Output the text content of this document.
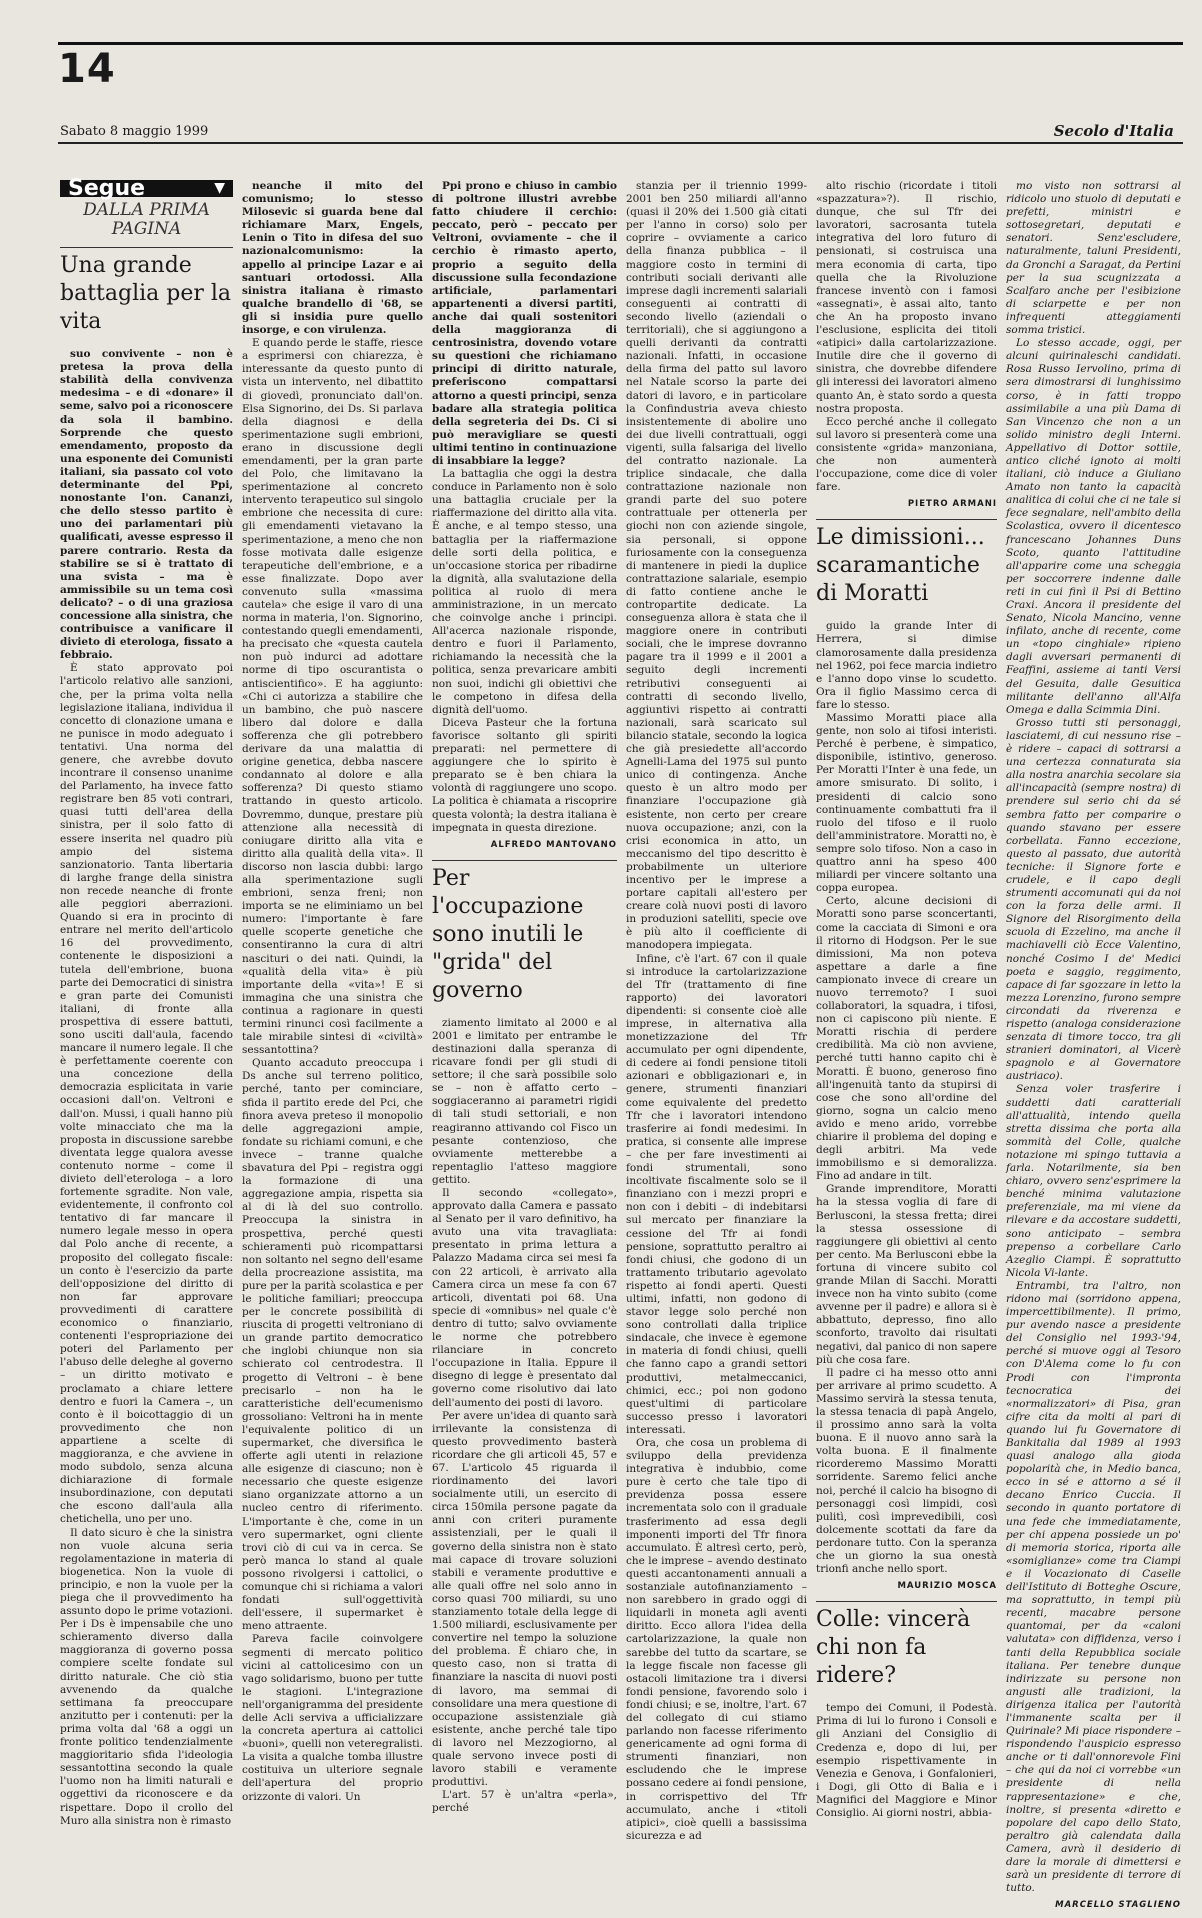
14
Sabato 8 maggio 1999	Secolo d'Italia
Segue	▼
DALLA PRIMA PAGINA
Una grande battaglia per la vita

suo convivente – non è pretesa la prova della stabilità della convivenza medesima – e di «donare» il seme, salvo poi a riconoscere da sola il bambino. Sorprende che questo emendamento, proposto da una esponente dei Comunisti italiani, sia passato col voto determinante del Ppi, nonostante l'on. Cananzi, che dello stesso partito è uno dei parlamentari più qualificati, avesse espresso il parere contrario. Resta da stabilire se si è trattato di una svista – ma è ammissibile su un tema così delicato? – o di una graziosa concessione alla sinistra, che contribuisce a vanificare il divieto di eterologa, fissato a febbraio.

È stato approvato poi l'articolo relativo alle sanzioni, che, per la prima volta nella legislazione italiana, individua il concetto di clonazione umana e ne punisce in modo adeguato i tentativi. Una norma del genere, che avrebbe dovuto incontrare il consenso unanime del Parlamento, ha invece fatto registrare ben 85 voti contrari, quasi tutti dell'area della sinistra, per il solo fatto di essere inserita nel quadro più ampio del sistema sanzionatorio. Tanta libertaria di larghe frange della sinistra non recede neanche di fronte alle peggiori aberrazioni. Quando si era in procinto di entrare nel merito dell'articolo 16 del provvedimento, contenente le disposizioni a tutela dell'embrione, buona parte dei Democratici di sinistra e gran parte dei Comunisti italiani, di fronte alla prospettiva di essere battuti, sono usciti dall'aula, facendo mancare il numero legale. Il che è perfettamente coerente con una concezione della democrazia esplicitata in varie occasioni dall'on. Veltroni e dall'on. Mussi, i quali hanno più volte minacciato che ma la proposta in discussione sarebbe diventata legge qualora avesse contenuto norme – come il divieto dell'eterologa – a loro fortemente sgradite. Non vale, evidentemente, il confronto col tentativo di far mancare il numero legale messo in opera dal Polo anche di recente, a proposito del collegato fiscale: un conto è l'esercizio da parte dell'opposizione del diritto di non far approvare provvedimenti di carattere economico o finanziario, contenenti l'espropriazione dei poteri del Parlamento per l'abuso delle deleghe al governo – un diritto motivato e proclamato a chiare lettere dentro e fuori la Camera –, un conto è il boicottaggio di un provvedimento che non appartiene a scelte di maggioranza, e che avviene in modo subdolo, senza alcuna dichiarazione di formale insubordinazione, con deputati che escono dall'aula alla chetichella, uno per uno.

Il dato sicuro è che la sinistra non vuole alcuna seria regolamentazione in materia di biogenetica. Non la vuole di principio, e non la vuole per la piega che il provvedimento ha assunto dopo le prime votazioni. Per i Ds è impensabile che uno schieramento diverso dalla maggioranza di governo possa compiere scelte fondate sul diritto naturale. Che ciò stia avvenendo da qualche settimana fa preoccupare anzitutto per i contenuti: per la prima volta dal '68 a oggi un fronte politico tendenzialmente maggioritario sfida l'ideologia sessantottina secondo la quale l'uomo non ha limiti naturali e oggettivi da riconoscere e da rispettare. Dopo il crollo del Muro alla sinistra non è rimasto

neanche il mito del comunismo; lo stesso Milosevic si guarda bene dal richiamare Marx, Engels, Lenin o Tito in difesa del suo nazionalcomunismo: la appello al principe Lazar e ai santuari ortodossi. Alla sinistra italiana è rimasto qualche brandello di '68, se gli si insidia pure quello insorge, e con virulenza.

E quando perde le staffe, riesce a esprimersi con chiarezza, è interessante da questo punto di vista un intervento, nel dibattito di giovedì, pronunciato dall'on. Elsa Signorino, dei Ds. Si parlava della diagnosi e della sperimentazione sugli embrioni, erano in discussione degli emendamenti, per la gran parte del Polo, che limitavano la sperimentazione al concreto intervento terapeutico sul singolo embrione che necessita di cure: gli emendamenti vietavano la sperimentazione, a meno che non fosse motivata dalle esigenze terapeutiche dell'embrione, e a esse finalizzate. Dopo aver convenuto sulla «massima cautela» che esige il varo di una norma in materia, l'on. Signorino, contestando quegli emendamenti, ha precisato che «questa cautela non può indurci ad adottare norme di tipo oscurantista o antiscientifico». E ha aggiunto: «Chi ci autorizza a stabilire che un bambino, che può nascere libero dal dolore e dalla sofferenza che gli potrebbero derivare da una malattia di origine genetica, debba nascere condannato al dolore e alla sofferenza? Di questo stiamo trattando in questo articolo. Dovremmo, dunque, prestare più attenzione alla necessità di coniugare diritto alla vita e diritto alla qualità della vita». Il discorso non lascia dubbi: largo alla sperimentazione sugli embrioni, senza freni; non importa se ne eliminiamo un bel numero: l'importante è fare quelle scoperte genetiche che consentiranno la cura di altri nascituri o dei nati. Quindi, la «qualità della vita» è più importante della «vita»! E si immagina che una sinistra che continua a ragionare in questi termini rinunci così facilmente a tale mirabile sintesi di «civiltà» sessantottina?

Quanto accaduto preoccupa i Ds anche sul terreno politico, perché, tanto per cominciare, sfida il partito erede del Pci, che finora aveva preteso il monopolio delle aggregazioni ampie, fondate su richiami comuni, e che invece – tranne qualche sbavatura del Ppi – registra oggi la formazione di una aggregazione ampia, rispetta sia al di là del suo controllo. Preoccupa la sinistra in prospettiva, perché questi schieramenti può ricompattarsi non soltanto nel segno dell'esame della procreazione assistita, ma pure per la parità scolastica e per le politiche familiari; preoccupa per le concrete possibilità di riuscita di progetti veltroniano di un grande partito democratico che inglobi chiunque non sia schierato col centrodestra. Il progetto di Veltroni – è bene precisarlo – non ha le caratteristiche dell'ecumenismo grossoliano: Veltroni ha in mente l'equivalente politico di un supermarket, che diversifica le offerte agli utenti in relazione alle esigenze di ciascuno; non è necessario che queste esigenze siano organizzate attorno a un nucleo centro di riferimento. L'importante è che, come in un vero supermarket, ogni cliente trovi ciò di cui va in cerca. Se però manca lo stand al quale possono rivolgersi i cattolici, o comunque chi si richiama a valori fondati sull'oggettività dell'essere, il supermarket è meno attraente.

Pareva facile coinvolgere segmenti di mercato politico vicini al cattolicesimo con un vago solidarismo, buono per tutte le stagioni. L'integrazione nell'organigramma del presidente delle Acli serviva a ufficializzare la concreta apertura ai cattolici «buoni», quelli non veteregralisti. La visita a qualche tomba illustre costituiva un ulteriore segnale dell'apertura del proprio orizzonte di valori. Un

Ppi prono e chiuso in cambio di poltrone illustri avrebbe fatto chiudere il cerchio: peccato, però – peccato per Veltroni, ovviamente – che il cerchio è rimasto aperto, proprio a seguito della discussione sulla fecondazione artificiale, parlamentari appartenenti a diversi partiti, anche dai quali sostenitori della maggioranza di centrosinistra, dovendo votare su questioni che richiamano principi di diritto naturale, preferiscono compattarsi attorno a questi principi, senza badare alla strategia politica della segreteria dei Ds. Ci si può meravigliare se questi ultimi tentino in continuazione di insabbiare la legge?

La battaglia che oggi la destra conduce in Parlamento non è solo una battaglia cruciale per la riaffermazione del diritto alla vita. È anche, e al tempo stesso, una battaglia per la riaffermazione delle sorti della politica, e un'occasione storica per ribadirne la dignità, alla svalutazione della politica al ruolo di mera amministrazione, in un mercato che coinvolge anche i principi. All'acerca nazionale risponde, dentro e fuori il Parlamento, richiamando la necessità che la politica, senza prevaricare ambiti non suoi, indichi gli obiettivi che le competono in difesa della dignità dell'uomo.

Diceva Pasteur che la fortuna favorisce soltanto gli spiriti preparati: nel permettere di aggiungere che lo spirito è preparato se è ben chiara la volontà di raggiungere uno scopo. La politica è chiamata a riscoprire questa volontà; la destra italiana è impegnata in questa direzione.

ALFREDO MANTOVANO
Per l'occupazione sono inutili le "grida" del governo

ziamento limitato al 2000 e al 2001 e limitato per entrambe le destinazioni dalla speranza di ricavare fondi per gli studi di settore; il che sarà possibile solo se – non è affatto certo – soggiaceranno ai parametri rigidi di tali studi settoriali, e non reagiranno attivando col Fisco un pesante contenzioso, che ovviamente metterebbe a repentaglio l'atteso maggiore gettito.

Il secondo «collegato», approvato dalla Camera e passato al Senato per il varo definitivo, ha avuto una vita travagliata: presentato in prima lettura a Palazzo Madama circa sei mesi fa con 22 articoli, è arrivato alla Camera circa un mese fa con 67 articoli, diventati poi 68. Una specie di «omnibus» nel quale c'è dentro di tutto; salvo ovviamente le norme che potrebbero rilanciare in concreto l'occupazione in Italia. Eppure il disegno di legge è presentato dal governo come risolutivo dai lato dell'aumento dei posti di lavoro.

Per avere un'idea di quanto sarà irrilevante la consistenza di questo provvedimento basterà ricordare che gli articoli 45, 57 e 67. L'articolo 45 riguarda il riordinamento dei lavori socialmente utili, un esercito di circa 150mila persone pagate da anni con criteri puramente assistenziali, per le quali il governo della sinistra non è stato mai capace di trovare soluzioni stabili e veramente produttive e alle quali offre nel solo anno in corso quasi 700 miliardi, su uno stanziamento totale della legge di 1.500 miliardi, esclusivamente per convertire nel tempo la soluzione del problema. È chiaro che, in questo caso, non si tratta di finanziare la nascita di nuovi posti di lavoro, ma semmai di consolidare una mera questione di occupazione assistenziale già esistente, anche perché tale tipo di lavoro nel Mezzogiorno, al quale servono invece posti di lavoro stabili e veramente produttivi.

L'art. 57 è un'altra «perla», perché

stanzia per il triennio 1999-2001 ben 250 miliardi all'anno (quasi il 20% dei 1.500 già citati per l'anno in corso) solo per coprire – ovviamente a carico della finanza pubblica – il maggiore costo in termini di contributi sociali derivanti alle imprese dagli incrementi salariali conseguenti ai contratti di secondo livello (aziendali o territoriali), che si aggiungono a quelli derivanti da contratti nazionali. Infatti, in occasione della firma del patto sul lavoro nel Natale scorso la parte dei datori di lavoro, e in particolare la Confindustria aveva chiesto insistentemente di abolire uno dei due livelli contrattuali, oggi vigenti, sulla falsariga del livello del contratto nazionale. La triplice sindacale, che dalla contrattazione nazionale non grandi parte del suo potere contrattuale per ottenerla per giochi non con aziende singole, sia personali, si oppone furiosamente con la conseguenza di mantenere in piedi la duplice contrattazione salariale, esempio di fatto contiene anche le contropartite dedicate. La conseguenza allora è stata che il maggiore onere in contributi sociali, che le imprese dovranno pagare tra il 1999 e il 2001 a seguito degli incrementi retributivi conseguenti ai contratti di secondo livello, aggiuntivi rispetto ai contratti nazionali, sarà scaricato sul bilancio statale, secondo la logica che già presiedette all'accordo Agnelli-Lama del 1975 sul punto unico di contingenza. Anche questo è un altro modo per finanziare l'occupazione già esistente, non certo per creare nuova occupazione; anzi, con la crisi economica in atto, un meccanismo del tipo descritto è probabilmente un ulteriore incentivo per le imprese a portare capitali all'estero per creare colà nuovi posti di lavoro in produzioni satelliti, specie ove è più alto il coefficiente di manodopera impiegata.

Infine, c'è l'art. 67 con il quale si introduce la cartolarizzazione del Tfr (trattamento di fine rapporto) dei lavoratori dipendenti: si consente cioè alle imprese, in alternativa alla monetizzazione del Tfr accumulato per ogni dipendente, di cedere ai fondi pensione titoli azionari e obbligazionari e, in genere, strumenti finanziari come equivalente del predetto Tfr che i lavoratori intendono trasferire ai fondi medesimi. In pratica, si consente alle imprese – che per fare investimenti ai fondi strumentali, sono incoltivate fiscalmente solo se il finanziano con i mezzi propri e non con i debiti – di indebitarsi sul mercato per finanziare la cessione del Tfr ai fondi pensione, soprattutto peraltro ai fondi chiusi, che godono di un trattamento tributario agevolato rispetto ai fondi aperti. Questi ultimi, infatti, non godono di stavor legge solo perché non sono controllati dalla triplice sindacale, che invece è egemone in materia di fondi chiusi, quelli che fanno capo a grandi settori produttivi, metalmeccanici, chimici, ecc.; poi non godono quest'ultimi di particolare successo presso i lavoratori interessati.

Ora, che cosa un problema di sviluppo della previdenza integrativa è indubbio, come pure è certo che tale tipo di previdenza possa essere incrementata solo con il graduale trasferimento ad essa degli imponenti importi del Tfr finora accumulato. È altresì certo, però, che le imprese – avendo destinato questi accantonamenti annuali a sostanziale autofinanziamento – non sarebbero in grado oggi di liquidarli in moneta agli aventi diritto. Ecco allora l'idea della cartolarizzazione, la quale non sarebbe del tutto da scartare, se la legge fiscale non facesse gli ostacoli limitazione tra i diversi fondi pensione, favorendo solo i fondi chiusi; e se, inoltre, l'art. 67 del collegato di cui stiamo parlando non facesse riferimento genericamente ad ogni forma di strumenti finanziari, non escludendo che le imprese possano cedere ai fondi pensione, in corrispettivo del Tfr accumulato, anche i «titoli atipici», cioè quelli a bassissima sicurezza e ad

alto rischio (ricordate i titoli «spazzatura»?). Il rischio, dunque, che sul Tfr dei lavoratori, sacrosanta tutela integrativa del loro futuro di pensionati, si costruisca una mera economia di carta, tipo quella che la Rivoluzione francese inventò con i famosi «assegnati», è assai alto, tanto che An ha proposto invano l'esclusione, esplicita dei titoli «atipici» dalla cartolarizzazione. Inutile dire che il governo di sinistra, che dovrebbe difendere gli interessi dei lavoratori almeno quanto An, è stato sordo a questa nostra proposta.

Ecco perché anche il collegato sul lavoro si presenterà come una consistente «grida» manzoniana, che non aumenterà l'occupazione, come dice di voler fare.

PIETRO ARMANI
Le dimissioni... scaramantiche di Moratti

guido la grande Inter di Herrera, si dimise clamorosamente dalla presidenza nel 1962, poi fece marcia indietro e l'anno dopo vinse lo scudetto. Ora il figlio Massimo cerca di fare lo stesso.

Massimo Moratti piace alla gente, non solo ai tifosi interisti. Perché è perbene, è simpatico, disponibile, istintivo, generoso. Per Moratti l'Inter è una fede, un amore smisurato. Di solito, i presidenti di calcio sono continuamente combattuti fra il ruolo del tifoso e il ruolo dell'amministratore. Moratti no, è sempre solo tifoso. Non a caso in quattro anni ha speso 400 miliardi per vincere soltanto una coppa europea.

Certo, alcune decisioni di Moratti sono parse sconcertanti, come la cacciata di Simoni e ora il ritorno di Hodgson. Per le sue dimissioni, Ma non poteva aspettare a darle a fine campionato invece di creare un nuovo terremoto? I suoi collaboratori, la squadra, i tifosi, non ci capiscono più niente. E Moratti rischia di perdere credibilità. Ma ciò non avviene, perché tutti hanno capito chi è Moratti. È buono, generoso fino all'ingenuità tanto da stupirsi di cose che sono all'ordine del giorno, sogna un calcio meno avido e meno arido, vorrebbe chiarire il problema del doping e degli arbitri. Ma vede immobilismo e si demoralizza. Fino ad andare in tilt.

Grande imprenditore, Moratti ha la stessa voglia di fare di Berlusconi, la stessa fretta; direi la stessa ossessione di raggiungere gli obiettivi al cento per cento. Ma Berlusconi ebbe la fortuna di vincere subito col grande Milan di Sacchi. Moratti invece non ha vinto subito (come avvenne per il padre) e allora si è abbattuto, depresso, fino allo sconforto, travolto dai risultati negativi, dal panico di non sapere più che cosa fare.

Il padre ci ha messo otto anni per arrivare al primo scudetto. A Massimo servirà la stessa tenuta, la stessa tenacia di papà Angelo, il prossimo anno sarà la volta buona. E il nuovo anno sarà la volta buona. E il finalmente ricorderemo Massimo Moratti sorridente. Saremo felici anche noi, perché il calcio ha bisogno di personaggi così limpidi, così pulitì, così imprevedibili, così dolcemente scottati da fare da perdonare tutto. Con la speranza che un giorno la sua onestà trionfi anche nello sport.

MAURIZIO MOSCA
Colle: vincerà chi non fa ridere?

tempo dei Comuni, il Podestà. Prima di lui lo furono i Consoli e gli Anziani del Consiglio di Credenza e, dopo di lui, per esempio rispettivamente in Venezia e Genova, i Gonfalonieri, i Dogi, gli Otto di Balia e i Magnifici del Maggiore e Minor Consiglio. Ai giorni nostri, abbia-

mo visto non sottrarsi al ridicolo uno stuolo di deputati e prefetti, ministri e sottosegretari, deputati e senatori. Senz'escludere, naturalmente, taluni Presidenti, da Gronchi a Saragat, da Pertini per la sua scugnizzata a Scalfaro anche per l'esibizione di sciarpette e per non infrequenti atteggiamenti somma tristici.

Lo stesso accade, oggi, per alcuni quirinaleschi candidati. Rosa Russo Iervolino, prima di sera dimostrarsi di lunghissimo corso, è in fatti troppo assimilabile a una più Dama di San Vincenzo che non a un solido ministro degli Interni. Appellativo di Dottor sottile, antico cliché ignoto ai molti italiani, ciò induce a Giuliano Amato non tanto la capacità analitica di colui che ci ne tale si fece segnalare, nell'ambito della Scolastica, ovvero il dicentesco francescano Johannes Duns Scoto, quanto l'attitudine all'apparire come una scheggia per soccorrere indenne dalle reti in cui finì il Psi di Bettino Craxi. Ancora il presidente del Senato, Nicola Mancino, venne infilato, anche di recente, come un «topo cinghiale» ripieno dagli avversari permanenti di Feaffini, assieme ai tanti Versi del Gesuita, dalle Gesuitica militante dell'anno all'Alfa Omega e dalla Scimmia Dini.

Grosso tutti sti personaggi, lasciatemi, di cui nessuno rise – è ridere – capaci di sottrarsi a una certezza connaturata sia alla nostra anarchia secolare sia all'incapacità (sempre nostra) di prendere sul serio chi da sé sembra fatto per comparire o quando stavano per essere corbellata. Fanno eccezione, questo al passato, due autorità tecniche: il Signore forte e crudele, e il capo degli strumenti accomunati qui da noi con la forza delle armi. Il Signore del Risorgimento della scuola di Ezzelino, ma anche il machiavelli ciò Ecce Valentino, nonché Cosimo I de' Medici poeta e saggio, reggimento, capace di far sgozzare in letto la mezza Lorenzino, furono sempre circondati da riverenza e rispetto (analoga considerazione senzata di timore tocco, tra gli stranieri dominatori, al Vicerè spagnolo e al Governatore austriaco).

Senza voler trasferire i suddetti dati caratteriali all'attualità, intendo quella stretta dissima che porta alla sommità del Colle, qualche notazione mi spingo tuttavia a farla. Notarilmente, sia ben chiaro, ovvero senz'esprimere la benché minima valutazione preferenziale, ma mi viene da rilevare e da accostare suddetti, sono anticipato – sembra prepenso a corbellare Carlo Azeglio Ciampi. È soprattutto Nicola Vi-lante.

Entrambi, tra l'altro, non ridono mai (sorridono appena, impercettibilmente). Il primo, pur avendo nasce a presidente del Consiglio nel 1993-'94, perché si muove oggi al Tesoro con D'Alema come lo fu con Prodi con l'impronta tecnocratica dei «normalizzatori» di Pisa, gran cifre cita da molti al pari di quando lui fu Governatore di Bankitalia dal 1989 al 1993 quasi analogo alla gioda popolarità che, in Medio banca, ecco in sé e attorno a sé il decano Enrico Cuccia. Il secondo in quanto portatore di una fede che immediatamente, per chi appena possiede un po' di memoria storica, riporta alle «somiglianze» come tra Ciampi e il Vocazionato di Caselle dell'Istituto di Botteghe Oscure, ma soprattutto, in tempi più recenti, macabre persone quantomai, per da «caloni valutata» con diffidenza, verso i tanti della Repubblica sociale italiana. Per tenebre dunque indirizzate su persone non angusti alle tradizioni, la dirigenza italica per l'autorità l'immanente scalta per il Quirinale? Mi piace rispondere – rispondendo l'auspicio espresso anche or ti dall'onnorevole Fini – che qui da noi ci vorrebbe «un presidente di nella rappresentazione» e che, inoltre, si presenta «diretto e popolare del capo dello Stato, peraltro già calendata dalla Camera, avrà il desiderio di dare la morale di dimettersi e sarà un presidente di terrore di tutto.

MARCELLO STAGLIENO
